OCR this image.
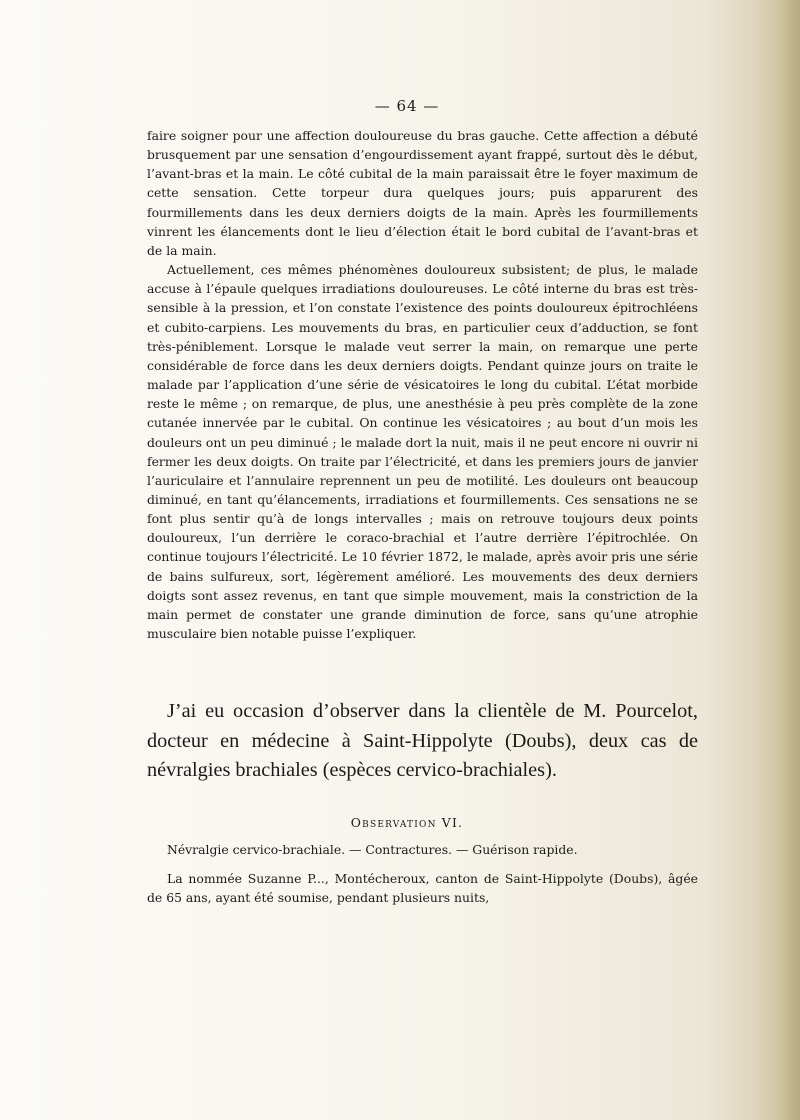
— 64 —

faire soigner pour une affection douloureuse du bras gauche. Cette affection a débuté brusquement par une sensation d’engourdissement ayant frappé, surtout dès le début, l’avant-bras et la main. Le côté cubital de la main paraissait être le foyer maximum de cette sensation. Cette torpeur dura quelques jours; puis apparurent des fourmillements dans les deux derniers doigts de la main. Après les fourmillements vinrent les élancements dont le lieu d’élection était le bord cubital de l’avant-bras et de la main.

Actuellement, ces mêmes phénomènes douloureux subsistent; de plus, le malade accuse à l’épaule quelques irradiations douloureuses. Le côté interne du bras est très-sensible à la pression, et l’on constate l’existence des points douloureux épitrochléens et cubito-carpiens. Les mouvements du bras, en particulier ceux d’adduction, se font très-péniblement. Lorsque le malade veut serrer la main, on remarque une perte considérable de force dans les deux derniers doigts. Pendant quinze jours on traite le malade par l’application d’une série de vésicatoires le long du cubital. L’état morbide reste le même ; on remarque, de plus, une anesthésie à peu près complète de la zone cutanée innervée par le cubital. On continue les vésicatoires ; au bout d’un mois les douleurs ont un peu diminué ; le malade dort la nuit, mais il ne peut encore ni ouvrir ni fermer les deux doigts. On traite par l’électricité, et dans les premiers jours de janvier l’auriculaire et l’annulaire reprennent un peu de motilité. Les douleurs ont beaucoup diminué, en tant qu’élancements, irradiations et fourmillements. Ces sensations ne se font plus sentir qu’à de longs intervalles ; mais on retrouve toujours deux points douloureux, l’un derrière le coraco-brachial et l’autre derrière l’épitrochlée. On continue toujours l’électricité. Le 10 février 1872, le malade, après avoir pris une série de bains sulfureux, sort, légèrement amélioré. Les mouvements des deux derniers doigts sont assez revenus, en tant que simple mouvement, mais la constriction de la main permet de constater une grande diminution de force, sans qu’une atrophie musculaire bien notable puisse l’expliquer.

J’ai eu occasion d’observer dans la clientèle de M. Pourcelot, docteur en médecine à Saint-Hippolyte (Doubs), deux cas de névralgies brachiales (espèces cervico-brachiales).

Observation VI.
Névralgie cervico-brachiale. — Contractures. — Guérison rapide.
La nommée Suzanne P..., Montécheroux, canton de Saint-Hippolyte (Doubs), âgée de 65 ans, ayant été soumise, pendant plusieurs nuits,
